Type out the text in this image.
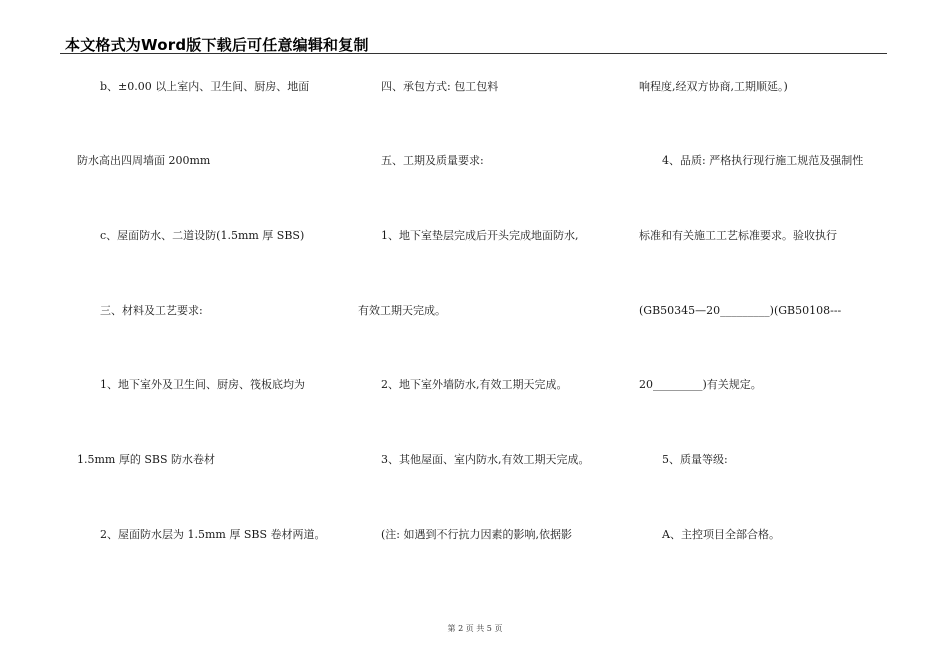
本文格式为Word版下载后可任意编辑和复制
b、±0.00 以上室内、卫生间、厨房、地面
防水高出四周墙面 200mm
c、屋面防水、二道设防(1.5mm 厚 SBS)
三、材料及工艺要求:
1、地下室外及卫生间、厨房、筏板底均为
1.5mm 厚的 SBS 防水卷材
2、屋面防水层为 1.5mm 厚 SBS 卷材两道。
四、承包方式: 包工包料
五、工期及质量要求:
1、地下室垫层完成后开头完成地面防水,
有效工期天完成。
2、地下室外墙防水,有效工期天完成。
3、其他屋面、室内防水,有效工期天完成。
(注: 如遇到不行抗力因素的影响,依据影
响程度,经双方协商,工期顺延。)
4、品质: 严格执行现行施工规范及强制性
标准和有关施工工艺标准要求。验收执行
(GB50345—20_________)(GB50108---
20_________)有关规定。
5、质量等级:
A、主控项目全部合格。
第 2 页 共 5 页
